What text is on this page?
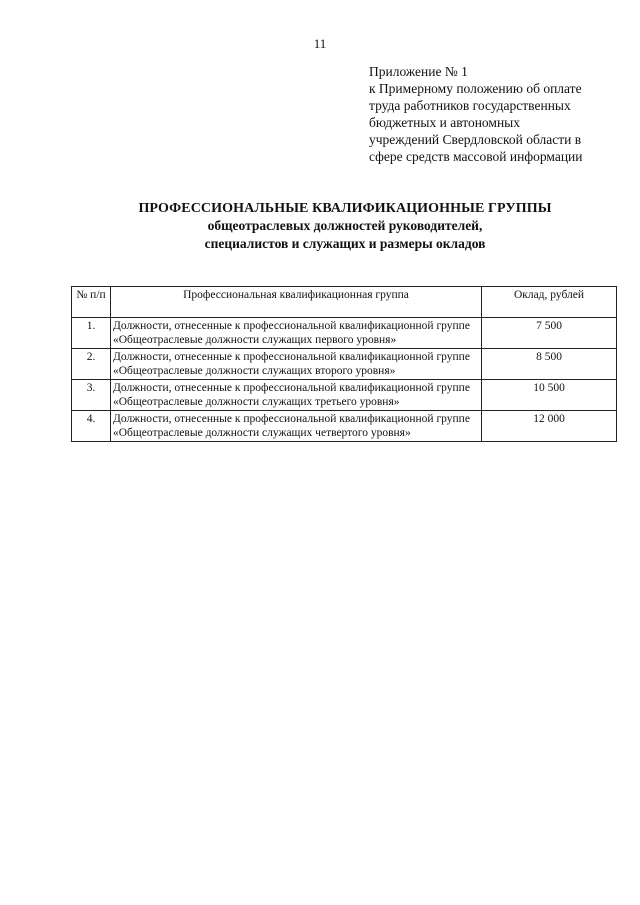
11
Приложение № 1
к Примерному положению об оплате
труда работников государственных
бюджетных и автономных
учреждений Свердловской области в
сфере средств массовой информации
ПРОФЕССИОНАЛЬНЫЕ КВАЛИФИКАЦИОННЫЕ ГРУППЫ
общеотраслевых должностей руководителей,
специалистов и служащих и размеры окладов
№ п/п	Профессиональная квалификационная группа	Оклад, рублей
1.	Должности, отнесенные к профессиональной квалификационной группе «Общеотраслевые должности служащих первого уровня»	7 500
2.	Должности, отнесенные к профессиональной квалификационной группе «Общеотраслевые должности служащих второго уровня»	8 500
3.	Должности, отнесенные к профессиональной квалификационной группе «Общеотраслевые должности служащих третьего уровня»	10 500
4.	Должности, отнесенные к профессиональной квалификационной группе «Общеотраслевые должности служащих четвертого уровня»	12 000
